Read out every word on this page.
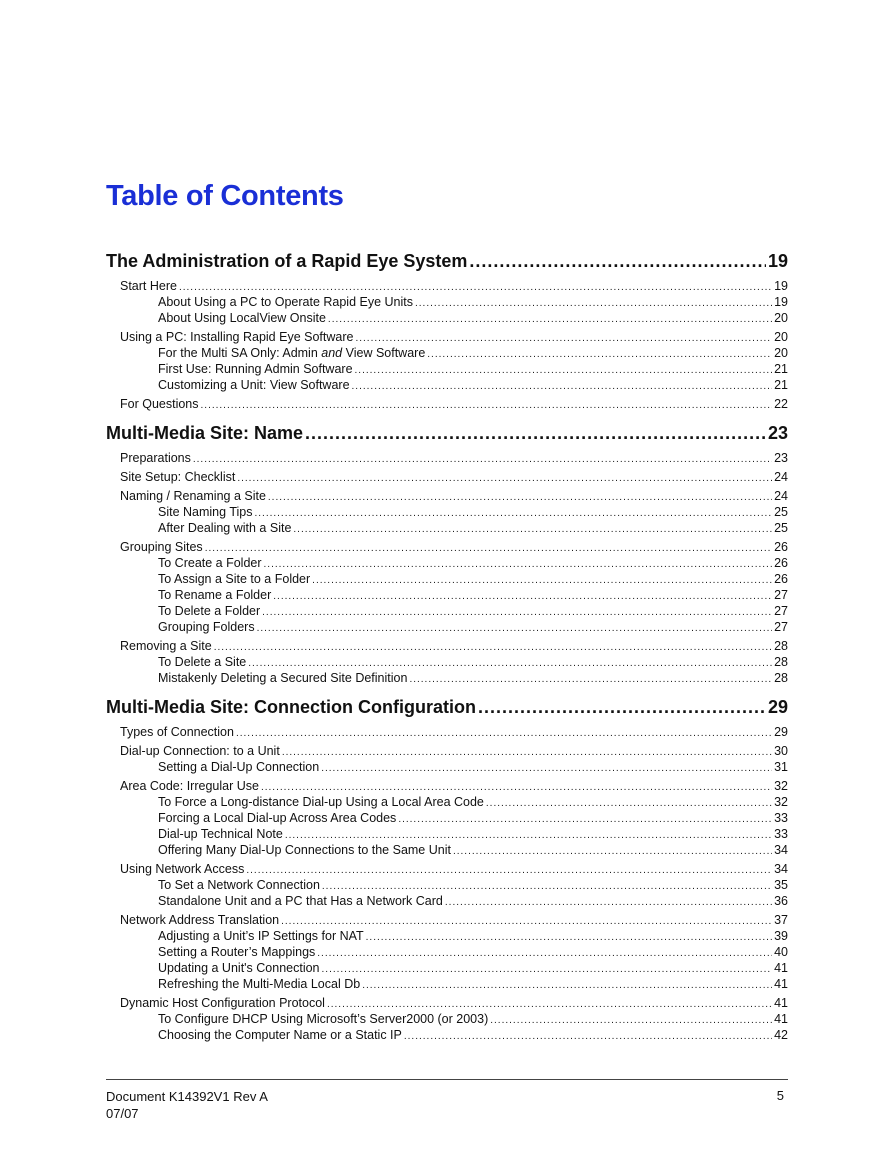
Table of Contents
The Administration of a Rapid Eye System .....	19
Start Here .....	19
About Using a PC to Operate Rapid Eye Units .....	19
About Using LocalView Onsite .....	20
Using a PC: Installing Rapid Eye Software .....	20
For the Multi SA Only: Admin and View Software .....	20
First Use: Running Admin Software .....	21
Customizing a Unit: View Software .....	21
For Questions .....	22
Multi-Media Site: Name .....	23
Preparations .....	23
Site Setup: Checklist .....	24
Naming / Renaming a Site .....	24
Site Naming Tips .....	25
After Dealing with a Site .....	25
Grouping Sites .....	26
To Create a Folder .....	26
To Assign a Site to a Folder .....	26
To Rename a Folder .....	27
To Delete a Folder .....	27
Grouping Folders .....	27
Removing a Site .....	28
To Delete a Site .....	28
Mistakenly Deleting a Secured Site Definition .....	28
Multi-Media Site: Connection Configuration .....	29
Types of Connection .....	29
Dial-up Connection: to a Unit .....	30
Setting a Dial-Up Connection .....	31
Area Code: Irregular Use .....	32
To Force a Long-distance Dial-up Using a Local Area Code .....	32
Forcing a Local Dial-up Across Area Codes .....	33
Dial-up Technical Note .....	33
Offering Many Dial-Up Connections to the Same Unit .....	34
Using Network Access .....	34
To Set a Network Connection .....	35
Standalone Unit and a PC that Has a Network Card .....	36
Network Address Translation .....	37
Adjusting a Unit’s IP Settings for NAT .....	39
Setting a Router’s Mappings .....	40
Updating a Unit's Connection .....	41
Refreshing the Multi-Media Local Db .....	41
Dynamic Host Configuration Protocol .....	41
To Configure DHCP Using Microsoft’s Server2000 (or 2003) .....	41
Choosing the Computer Name or a Static IP .....	42
Document K14392V1 Rev A
07/07
5
